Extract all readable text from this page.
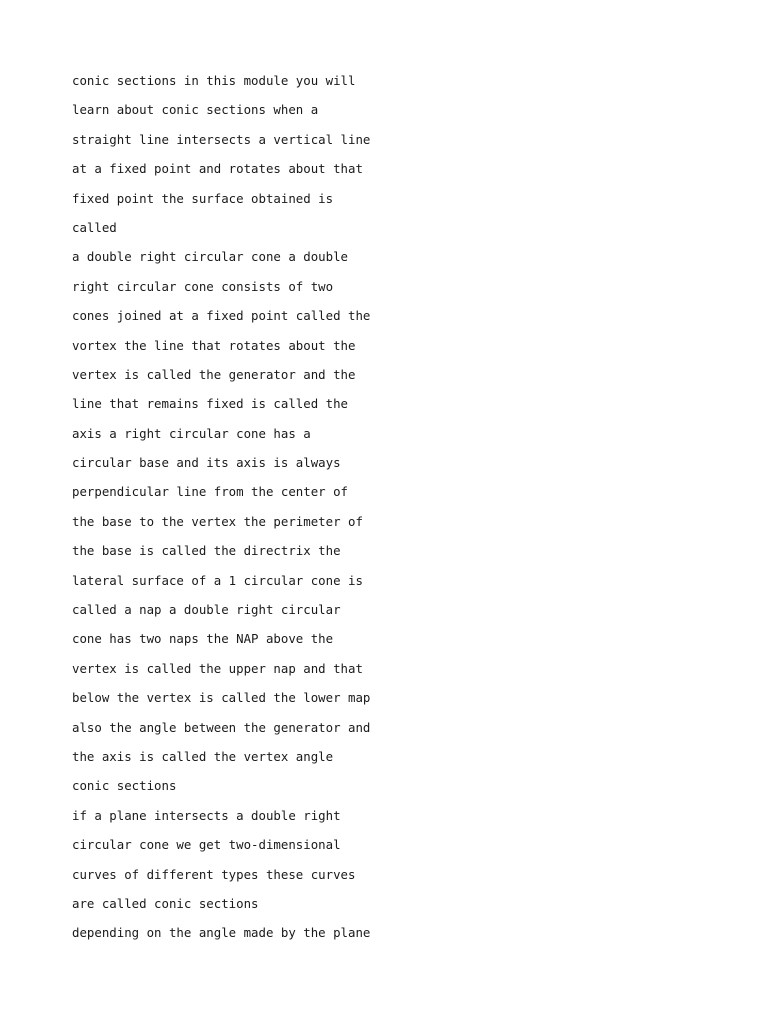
conic sections in this module you will
learn about conic sections when a
straight line intersects a vertical line
at a fixed point and rotates about that
fixed point the surface obtained is
called
a double right circular cone a double
right circular cone consists of two
cones joined at a fixed point called the
vortex the line that rotates about the
vertex is called the generator and the
line that remains fixed is called the
axis a right circular cone has a
circular base and its axis is always
perpendicular line from the center of
the base to the vertex the perimeter of
the base is called the directrix the
lateral surface of a 1 circular cone is
called a nap a double right circular
cone has two naps the NAP above the
vertex is called the upper nap and that
below the vertex is called the lower map
also the angle between the generator and
the axis is called the vertex angle
conic sections
if a plane intersects a double right
circular cone we get two-dimensional
curves of different types these curves
are called conic sections
depending on the angle made by the plane
